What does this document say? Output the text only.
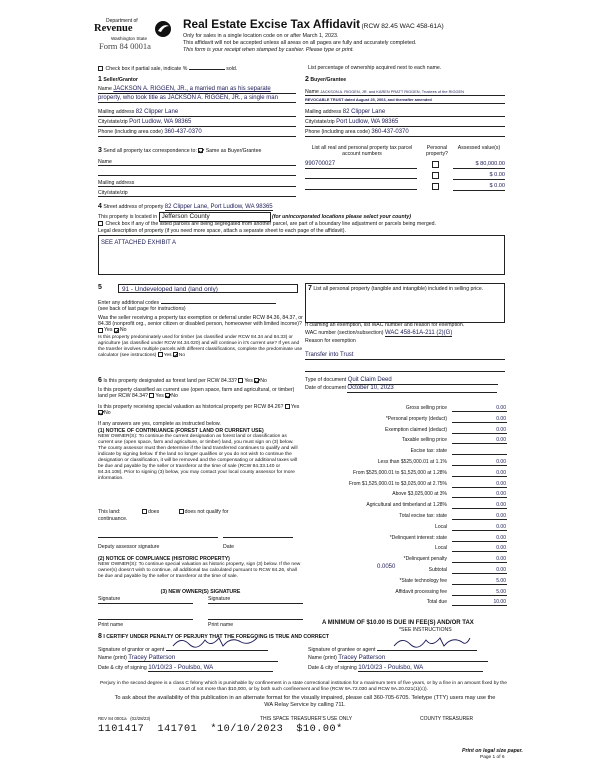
Department of
Revenue
Washington State
Form 84 0001a
Real Estate Excise Tax Affidavit (RCW 82.45 WAC 458-61A)
Only for sales in a single location code on or after March 1, 2023.
This affidavit will not be accepted unless all areas on all pages are fully and accurately completed.
This form is your receipt when stamped by cashier. Please type or print.
Check box if partial sale, indicate %	sold.	List percentage of ownership acquired next to each name.
1 Seller/Grantor
Name JACKSON A. RIGGEN, JR., a married man as his separate
property, who took title as JACKSON A. RIGGEN, JR., a single man
Mailing address 82 Clipper Lane
City/state/zip Port Ludlow, WA 98365
Phone (including area code) 360-437-0370
2 Buyer/Grantee
Name JACKSON A. RIGGEN, JR. and KAREN PRATT RIGGEN, Trustees of the RIGGEN
REVOCABLE TRUST dated August 25, 2003, and thereafter amended
Mailing address 82 Clipper Lane
City/state/zip Port Ludlow, WA 98365
Phone (including area code) 360-437-0370
3 Send all property tax correspondence to: Same as Buyer/Grantee
Name
Mailing address
City/state/zip
List all real and personal property tax parcel account numbers
Personal property?
Assessed value(s)
990700027	$ 80,000.00
$ 0.00
$ 0.00
4 Street address of property 82 Clipper Lane, Port Ludlow, WA 98365
This property is located in Jefferson County	(for unincorporated locations please select your county)
Check box if any of the listed parcels are being segregated from another parcel, are part of a boundary line adjustment or parcels being merged.
Legal description of property (if you need more space, attach a separate sheet to each page of the affidavit).
SEE ATTACHED EXHIBIT A
5	91 - Undeveloped land (land only)
Enter any additional codes
(see back of last page for instructions)
Was the seller receiving a property tax exemption or deferral under RCW 84.36, 84.37, or 84.38 (nonprofit org., senior citizen or disabled person, homeowner with limited income)? Yes No
Is this property predominately used for timber (as classified under RCW 84.34 and 84.33) or agriculture (as classified under RCW 84.34.020) and will continue in it's current use? If yes and the transfer involves multiple parcels with different classifications, complete the predominate use calculator (see instructions) Yes No
6 Is this property designated as forest land per RCW 84.33? Yes No
Is this property classified as current use (open space, farm and agricultural, or timber) land per RCW 84.34? Yes No
Is this property receiving special valuation as historical property per RCW 84.26? Yes No
If any answers are yes, complete as instructed below.
(1) NOTICE OF CONTINUANCE (FOREST LAND OR CURRENT USE)
NEW OWNER(S): To continue the current designation as forest land or classification as current use (open space, farm and agriculture, or timber) land, you must sign on (3) below. The county assessor must then determine if the land transferred continues to qualify and will indicate by signing below. If the land no longer qualifies or you do not wish to continue the designation or classification, it will be removed and the compensating or additional taxes will be due and payable by the seller or transferor at the time of sale (RCW 84.33.140 or 84.34.108). Prior to signing (3) below, you may contact your local county assessor for more information.
This land:	does	does not qualify for
continuance.
Deputy assessor signature	Date
(2) NOTICE OF COMPLIANCE (HISTORIC PROPERTY)
NEW OWNER(S): To continue special valuation as historic property, sign (3) below. If the new owner(s) doesn't wish to continue, all additional tax calculated pursuant to RCW 84.26, shall be due and payable by the seller or transferor at the time of sale.
(3) NEW OWNER(S) SIGNATURE
Signature	Signature
Print name	Print name
7 List all personal property (tangible and intangible) included in selling price.
If claiming an exemption, list WAC number and reason for exemption.
WAC number (section/subsection) WAC 458-61A-211 (2)(G)
Reason for exemption
Transfer into Trust
Type of document Quit Claim Deed
Date of document October 10, 2023
Gross selling price	0.00
*Personal property (deduct)	0.00
Exemption claimed (deduct)	0.00
Taxable selling price	0.00
Excise tax: state
Less than $525,000.01 at 1.1%	0.00
From $525,000.01 to $1,525,000 at 1.28%	0.00
From $1,525,000.01 to $3,025,000 at 2.75%	0.00
Above $3,025,000 at 3%	0.00
Agricultural and timberland at 1.28%	0.00
Total excise tax: state	0.00
Local	0.00
*Delinquent interest: state	0.00
Local	0.00
*Delinquent penalty	0.00
Subtotal	0.00
*State technology fee	5.00
Affidavit processing fee	5.00
Total due	10.00
0.0050
A MINIMUM OF $10.00 IS DUE IN FEE(S) AND/OR TAX
*SEE INSTRUCTIONS
8 I CERTIFY UNDER PENALTY OF PERJURY THAT THE FOREGOING IS TRUE AND CORRECT
Signature of grantor or agent
Name (print) Tracey Patterson
Date & city of signing 10/10/23 - Poulsbo, WA
Signature of grantee or agent
Name (print) Tracey Patterson
Date & city of signing 10/10/23 - Poulsbo, WA
Perjury in the second degree is a class C felony which is punishable by confinement in a state correctional institution for a maximum term of five years, or by a fine in an amount fixed by the court of not more than $10,000, or by both such confinement and fine (RCW 9A.72.030 and RCW 9A.20.021(1)(c)).
To ask about the availability of this publication in an alternate format for the visually impaired, please call 360-705-6705. Teletype (TTY) users may use the WA Relay Service by calling 711.
REV 84 0001a   (02/28/23)	THIS SPACE TREASURER'S USE ONLY	COUNTY TREASURER
1101417  141701  *10/10/2023  $10.00*
Print on legal size paper.
Page 1 of 6
